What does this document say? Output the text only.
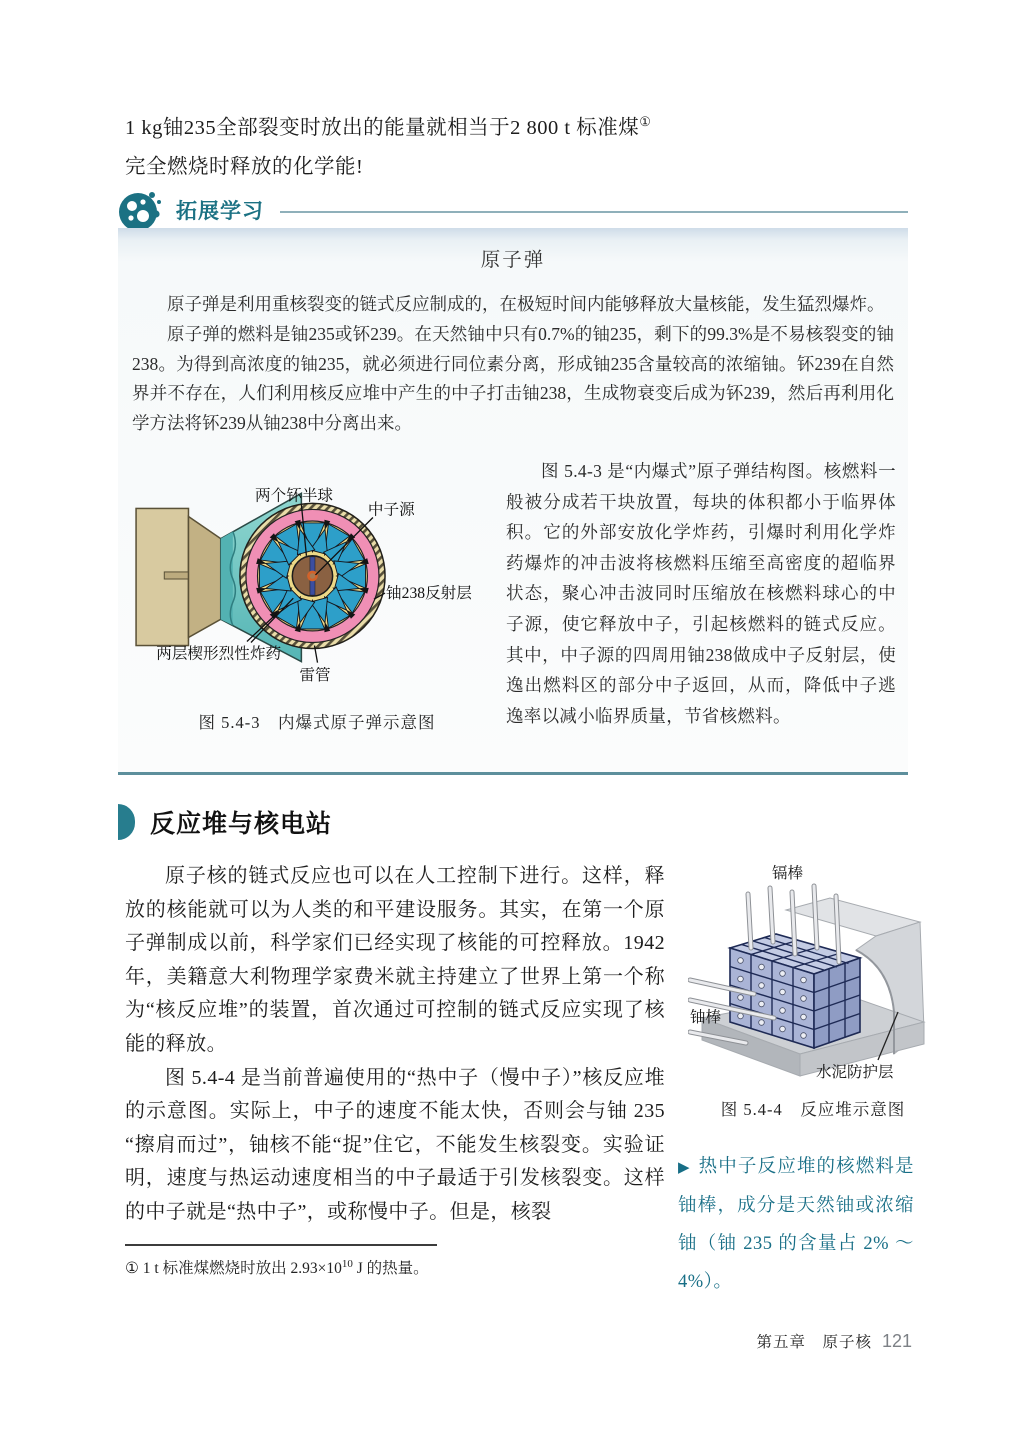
1 kg铀235全部裂变时放出的能量就相当于2 800 t 标准煤①
完全燃烧时释放的化学能!
拓展学习
原子弹

原子弹是利用重核裂变的链式反应制成的，在极短时间内能够释放大量核能，发生猛烈爆炸。

原子弹的燃料是铀235或钚239。在天然铀中只有0.7%的铀235，剩下的99.3%是不易核裂变的铀238。为得到高浓度的铀235，就必须进行同位素分离，形成铀235含量较高的浓缩铀。钚239在自然界并不存在，人们利用核反应堆中产生的中子打击铀238，生成物衰变后成为钚239，然后再利用化学方法将钚239从铀238中分离出来。

两个钚半球
中子源
铀238反射层
两层楔形烈性炸药
雷管
图 5.4-3　内爆式原子弹示意图
图 5.4-3 是“内爆式”原子弹结构图。核燃料一般被分成若干块放置，每块的体积都小于临界体积。它的外部安放化学炸药，引爆时利用化学炸药爆炸的冲击波将核燃料压缩至高密度的超临界状态，聚心冲击波同时压缩放在核燃料球心的中子源，使它释放中子，引起核燃料的链式反应。其中，中子源的四周用铀238做成中子反射层，使逸出燃料区的部分中子返回，从而，降低中子逃逸率以减小临界质量，节省核燃料。
反应堆与核电站

原子核的链式反应也可以在人工控制下进行。这样，释放的核能就可以为人类的和平建设服务。其实，在第一个原子弹制成以前，科学家们已经实现了核能的可控释放。1942 年，美籍意大利物理学家费米就主持建立了世界上第一个称为“核反应堆”的装置，首次通过可控制的链式反应实现了核能的释放。

图 5.4-4 是当前普遍使用的“热中子（慢中子）”核反应堆的示意图。实际上，中子的速度不能太快，否则会与铀 235 “擦肩而过”，铀核不能“捉”住它，不能发生核裂变。实验证明，速度与热运动速度相当的中子最适于引发核裂变。这样的中子就是“热中子”，或称慢中子。但是，核裂

镉棒
铀棒
水泥防护层
图 5.4-4　反应堆示意图
▶ 热中子反应堆的核燃料是铀棒，成分是天然铀或浓缩铀（铀 235 的含量占 2% ～ 4%）。
① 1 t 标准煤燃烧时放出 $2.93\times 10^{10}$ J 的热量。
第五章　原子核 121
